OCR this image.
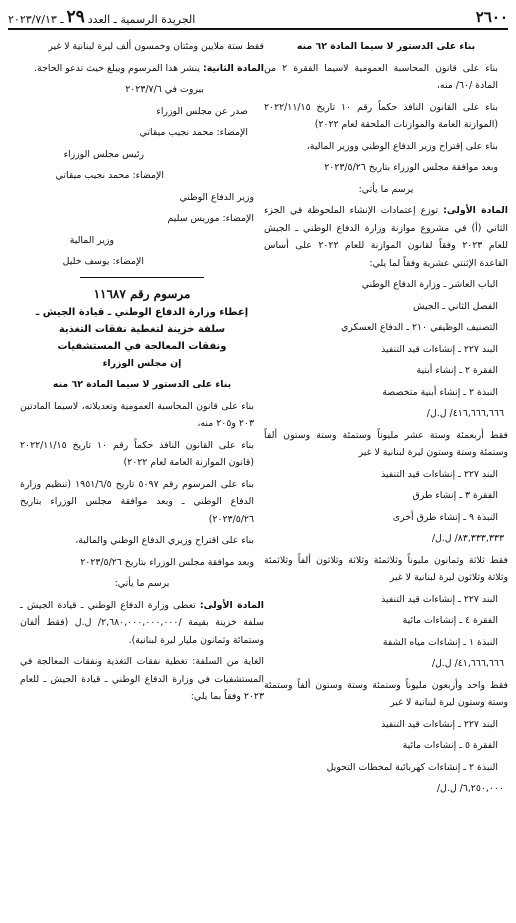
٢٦٠٠
الجريدة الرسمية ـ العدد
٢٩
ـ ٢٠٢٣/٧/١٣

بناء على الدستور لا سيما المادة ٦٢ منه

بناء على قانون المحاسبة العمومية لاسيما الفقرة ٢ من المادة /٦٠/ منه،

بناء على القانون النافذ حكماً رقم ١٠ تاريخ ٢٠٢٢/١١/١٥ (الموازنة العامة والموازنات الملحقة لعام ٢٠٢٢)

بناء على إقتراح وزير الدفاع الوطني ووزير المالية،

وبعد موافقة مجلس الوزراء بتاريخ ٢٠٢٣/٥/٢٦

يرسم ما يأتي:

المادة الأولى : توزع إعتمادات الإنشاء الملحوظة في الجزء الثاني (أ) في مشروع موازنة وزارة الدفاع الوطني ـ الجيش للعام ٢٠٢٣ وفقاً لقانون الموازنة للعام ٢٠٢٢ على أساس القاعدة الإثنتي عشرية وفقاً لما يلي:

الباب العاشر ـ وزارة الدفاع الوطني

الفصل الثاني ـ الجيش

التصنيف الوظيفي ٢١٠ ـ الدفاع العسكري

البند ٢٢٧ ـ إنشاءات قيد التنفيذ

الفقرة ٢ ـ إنشاء أبنية

النبذة ٢ ـ إنشاء أبنية متخصصة

/٤١٦,٦٦٦,٦٦٦/ ل.ل

فقط أربعمئة وستة عشر مليوناً وستمئة وستة وستون ألفاً وستمئة وستة وستون ليرة لبنانية لا غير

البند ٢٢٧ ـ إنشاءات قيد التنفيذ

الفقرة ٣ ـ إنشاء طرق

النبذة ٩ ـ إنشاء طرق أخرى

/٨٣,٣٣٣,٣٣٣/ ل.ل

فقط ثلاثة وثمانون مليوناً وثلاثمئة وثلاثة وثلاثون ألفاً وثلاثمئة وثلاثة وثلاثون ليرة لبنانية لا غير

البند ٢٢٧ ـ إنشاءات قيد التنفيذ

الفقرة ٤ ـ إنشاءات مائية

النبذة ١ ـ إنشاءات مياه الشفة

/٤١,٦٦٦,٦٦٦/ ل.ل

فقط واحد وأربعون مليوناً وستمئة وستة وستون ألفاً وستمئة وستة وستون ليرة لبنانية لا غير

البند ٢٢٧ ـ إنشاءات قيد التنفيذ

الفقرة ٥ ـ إنشاءات مائية

النبذة ٢ ـ إنشاءات كهربائية لمحطات التحويل

/٦,٢٥٠,٠٠٠/ ل.ل

فقط ستة ملايين ومئتان وخمسون ألف ليرة لبنانية لا غير

المادة الثانية : ينشر هذا المرسوم ويبلغ حيث تدعو الحاجة.

بيروت في ٢٠٢٣/٧/٦

صدر عن مجلس الوزراء

الإمضاء: محمد نجيب ميقاتي

رئيس مجلس الوزراء

الإمضاء: محمد نجيب ميقاتي

وزير الدفاع الوطني

الإمضاء: موريس سليم

وزير المالية

الإمضاء: يوسف خليل

مرسوم رقم ١١٦٨٧

إعطاء وزارة الدفاع الوطني ـ قيادة الجيش ـ

سلفة خزينة لتغطية نفقات التغذية

ونفقات المعالجة في المستشفيات

إن مجلس الوزراء

بناء على الدستور لا سيما المادة ٦٢ منه

بناء على قانون المحاسبة العمومية وتعديلاته، لاسيما المادتين ٢٠٣ و٢٠٥ منه،

بناء على القانون النافذ حكماً رقم ١٠ تاريخ ٢٠٢٢/١١/١٥ (قانون الموازنة العامة لعام ٢٠٢٢)

بناء على المرسوم رقم ٥٠٩٧ تاريخ ١٩٥١/٦/٥ (تنظيم وزارة الدفاع الوطني ـ وبعد موافقة مجلس الوزراء بتاريخ ٢٠٢٣/٥/٢٦)

بناء على اقتراح وزيري الدفاع الوطني والمالية،

وبعد موافقة مجلس الوزراء بتاريخ ٢٠٢٣/٥/٢٦

يرسم ما يأتي:

المادة الأولى : تعطى وزارة الدفاع الوطني ـ قيادة الجيش ـ سلفة خزينة بقيمة /٢,٦٨٠,٠٠٠,٠٠٠,٠٠٠/ ل.ل (فقط ألفان وستمائة وثمانون مليار ليرة لبنانية).

الغاية من السلفة: تغطية نفقات التغذية ونفقات المعالجة في المستشفيات في وزارة الدفاع الوطني ـ قيادة الجيش ـ للعام ٢٠٢٣ وفقاً بما يلي:
